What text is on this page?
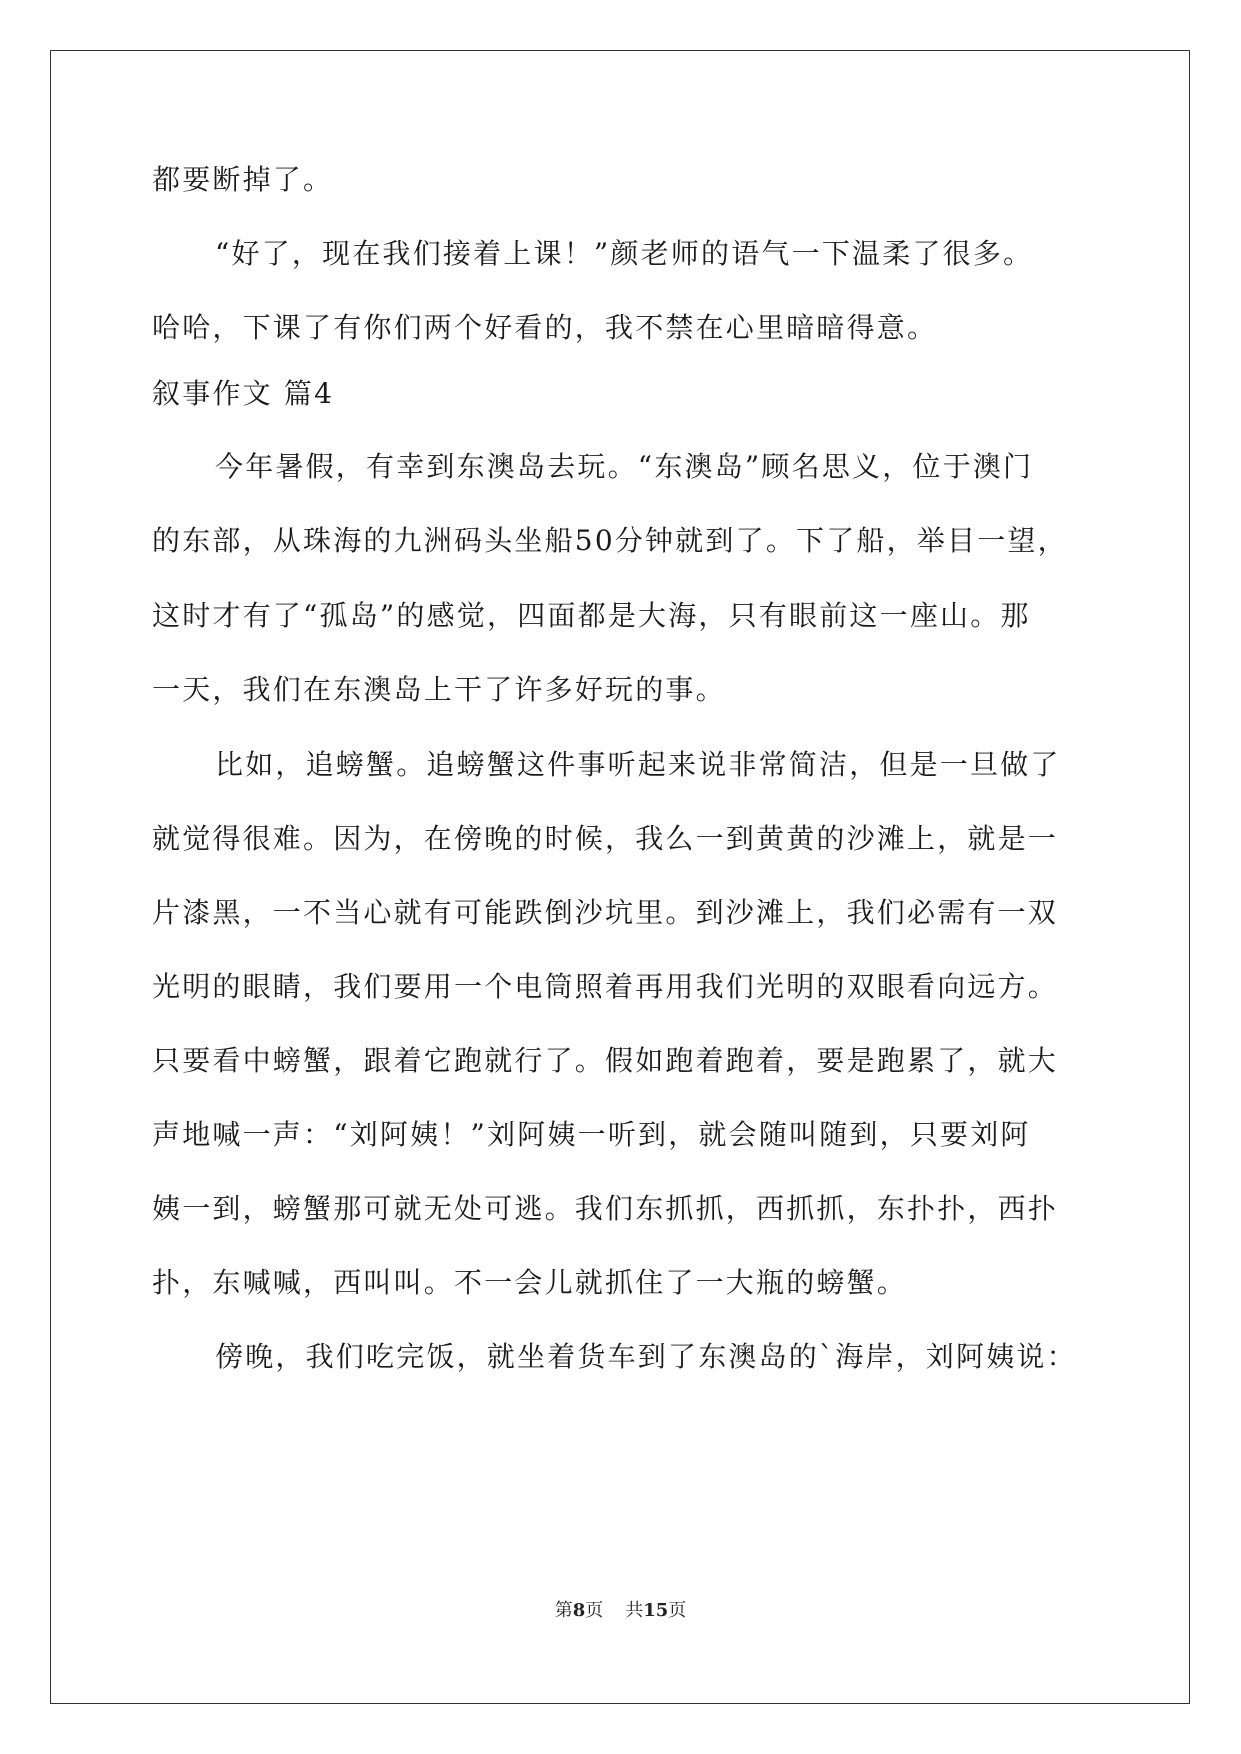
都要断掉了。
“好了，现在我们接着上课！”颜老师的语气一下温柔了很多。
哈哈，下课了有你们两个好看的，我不禁在心里暗暗得意。
叙事作文 篇4
今年暑假，有幸到东澳岛去玩。“东澳岛”顾名思义，位于澳门
的东部，从珠海的九洲码头坐船50分钟就到了。下了船，举目一望，
这时才有了“孤岛”的感觉，四面都是大海，只有眼前这一座山。那
一天，我们在东澳岛上干了许多好玩的事。
比如，追螃蟹。追螃蟹这件事听起来说非常简洁，但是一旦做了
就觉得很难。因为，在傍晚的时候，我么一到黄黄的沙滩上，就是一
片漆黑，一不当心就有可能跌倒沙坑里。到沙滩上，我们必需有一双
光明的眼睛，我们要用一个电筒照着再用我们光明的双眼看向远方。
只要看中螃蟹，跟着它跑就行了。假如跑着跑着，要是跑累了，就大
声地喊一声：“刘阿姨！”刘阿姨一听到，就会随叫随到，只要刘阿
姨一到，螃蟹那可就无处可逃。我们东抓抓，西抓抓，东扑扑，西扑
扑，东喊喊，西叫叫。不一会儿就抓住了一大瓶的螃蟹。
傍晚，我们吃完饭，就坐着货车到了东澳岛的`海岸，刘阿姨说：
第8页 共15页
